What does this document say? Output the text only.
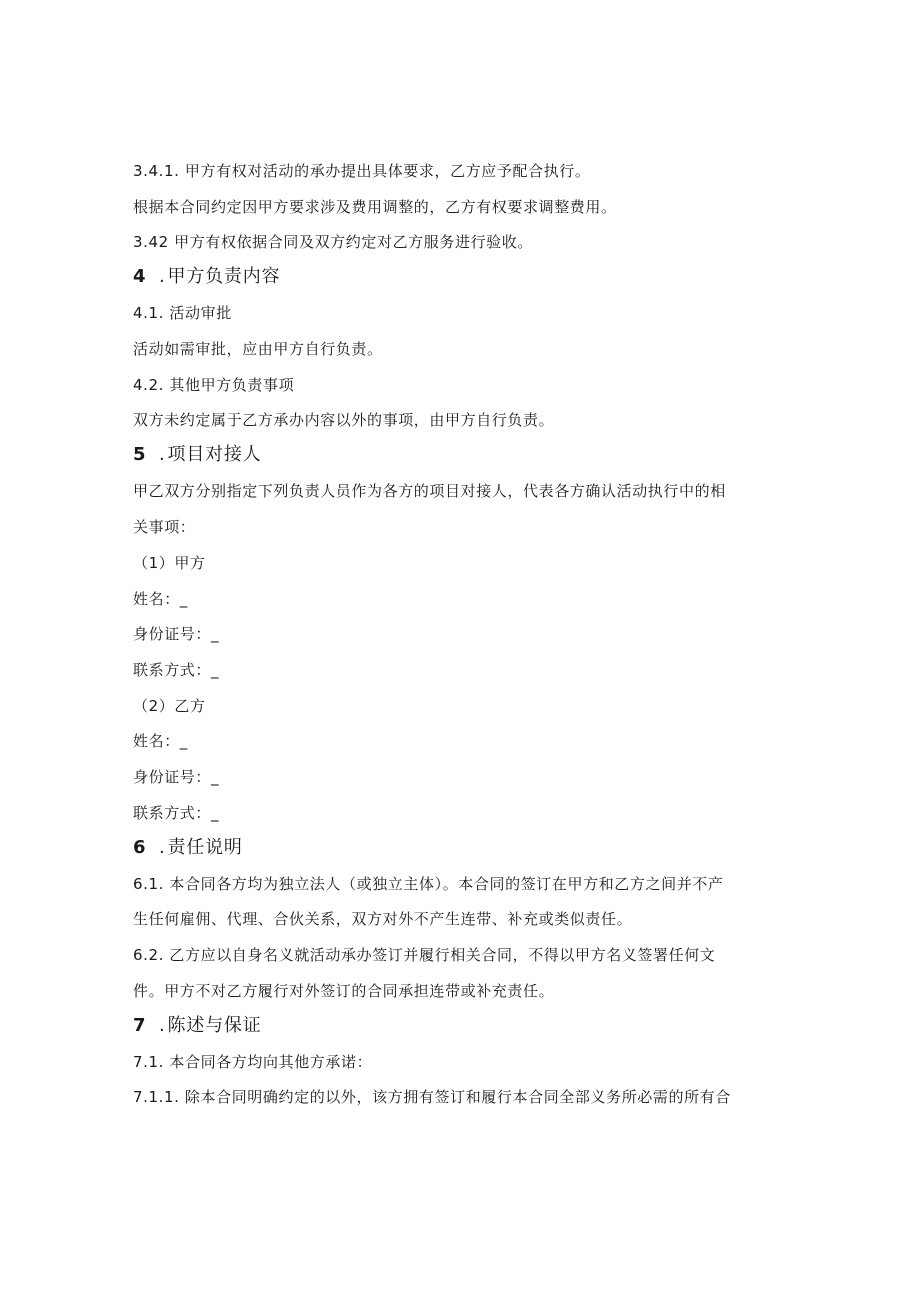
3.4.1. 甲方有权对活动的承办提出具体要求，乙方应予配合执行。
根据本合同约定因甲方要求涉及费用调整的，乙方有权要求调整费用。
3.42 甲方有权依据合同及双方约定对乙方服务进行验收。
4 . 甲方负责内容
4.1. 活动审批
活动如需审批，应由甲方自行负责。
4.2. 其他甲方负责事项
双方未约定属于乙方承办内容以外的事项，由甲方自行负责。
5 . 项目对接人
甲乙双方分别指定下列负责人员作为各方的项目对接人，代表各方确认活动执行中的相
关事项：
（1）甲方
姓名：_
身份证号：_
联系方式：_
（2）乙方
姓名：_
身份证号：_
联系方式：_
6 . 责任说明
6.1. 本合同各方均为独立法人（或独立主体）。本合同的签订在甲方和乙方之间并不产
生任何雇佣、代理、合伙关系，双方对外不产生连带、补充或类似责任。
6.2. 乙方应以自身名义就活动承办签订并履行相关合同，不得以甲方名义签署任何文
件。甲方不对乙方履行对外签订的合同承担连带或补充责任。
7 . 陈述与保证
7.1. 本合同各方均向其他方承诺：
7.1.1. 除本合同明确约定的以外，该方拥有签订和履行本合同全部义务所必需的所有合
